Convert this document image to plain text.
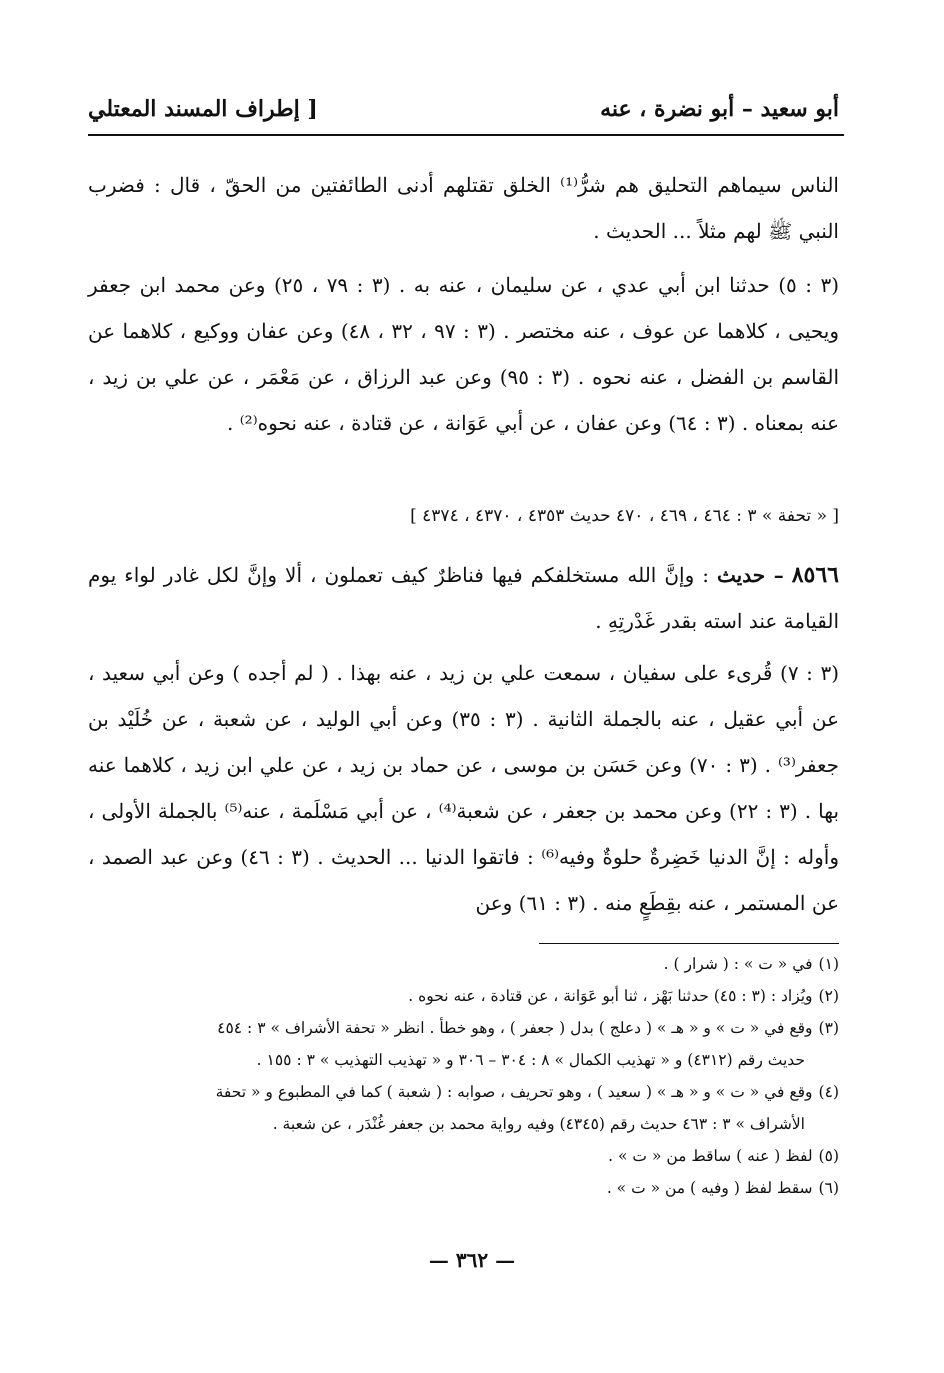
أبو سعيد – أبو نضرة ، عنه
[ إطراف المسند المعتلي
الناس سيماهم التحليق هم شرُّ⁽¹⁾ الخلق تقتلهم أدنى الطائفتين من الحقّ ، قال : فضرب النبي ﷺ لهم مثلاً ... الحديث .
(٣ : ٥) حدثنا ابن أبي عدي ، عن سليمان ، عنه به . (٣ : ٧٩ ، ٢٥) وعن محمد ابن جعفر ويحيى ، كلاهما عن عوف ، عنه مختصر . (٣ : ٩٧ ، ٣٢ ، ٤٨) وعن عفان ووكيع ، كلاهما عن القاسم بن الفضل ، عنه نحوه . (٣ : ٩٥) وعن عبد الرزاق ، عن مَعْمَر ، عن علي بن زيد ، عنه بمعناه . (٣ : ٦٤) وعن عفان ، عن أبي عَوَانة ، عن قتادة ، عنه نحوه⁽²⁾ .
[ « تحفة » ٣ : ٤٦٤ ، ٤٦٩ ، ٤٧٠ حديث ٤٣٥٣ ، ٤٣٧٠ ، ٤٣٧٤ ]
٨٥٦٦ – حديث : وإنَّ الله مستخلفكم فيها فناظرٌ كيف تعملون ، ألا وإنَّ لكل غادر لواء يوم القيامة عند استه بقدر غَدْرتِهِ .
(٣ : ٧) قُرىء على سفيان ، سمعت علي بن زيد ، عنه بهذا . ( لم أجده ) وعن أبي سعيد ، عن أبي عقيل ، عنه بالجملة الثانية . (٣ : ٣٥) وعن أبي الوليد ، عن شعبة ، عن خُلَيْد بن جعفر⁽³⁾ . (٣ : ٧٠) وعن حَسَن بن موسى ، عن حماد بن زيد ، عن علي ابن زيد ، كلاهما عنه بها . (٣ : ٢٢) وعن محمد بن جعفر ، عن شعبة⁽⁴⁾ ، عن أبي مَسْلَمة ، عنه⁽⁵⁾ بالجملة الأولى ، وأوله : إنَّ الدنيا خَضِرةٌ حلوةٌ وفيه⁽⁶⁾ : فاتقوا الدنيا ... الحديث . (٣ : ٤٦) وعن عبد الصمد ، عن المستمر ، عنه بقِطَعٍ منه . (٣ : ٦١) وعن

(١)في « ت » : ( شرار ) .

(٢)ويُزاد : (٣ : ٤٥) حدثنا بَهْز ، ثنا أبو عَوَانة ، عن قتادة ، عنه نحوه .

(٣)وقع في « ت » و « هـ » ( دعلج ) بدل ( جعفر ) ، وهو خطأ . انظر « تحفة الأشراف » ٣ : ٤٥٤

حديث رقم (٤٣١٢) و « تهذيب الكمال » ٨ : ٣٠٤ – ٣٠٦ و « تهذيب التهذيب » ٣ : ١٥٥ .

(٤)وقع في « ت » و « هـ » ( سعيد ) ، وهو تحريف ، صوابه : ( شعبة ) كما في المطبوع و « تحفة

الأشراف » ٣ : ٤٦٣ حديث رقم (٤٣٤٥) وفيه رواية محمد بن جعفر غُنْدَر ، عن شعبة .

(٥)لفظ ( عنه ) ساقط من « ت » .

(٦)سقط لفظ ( وفيه ) من « ت » .

— ٣٦٢ —
